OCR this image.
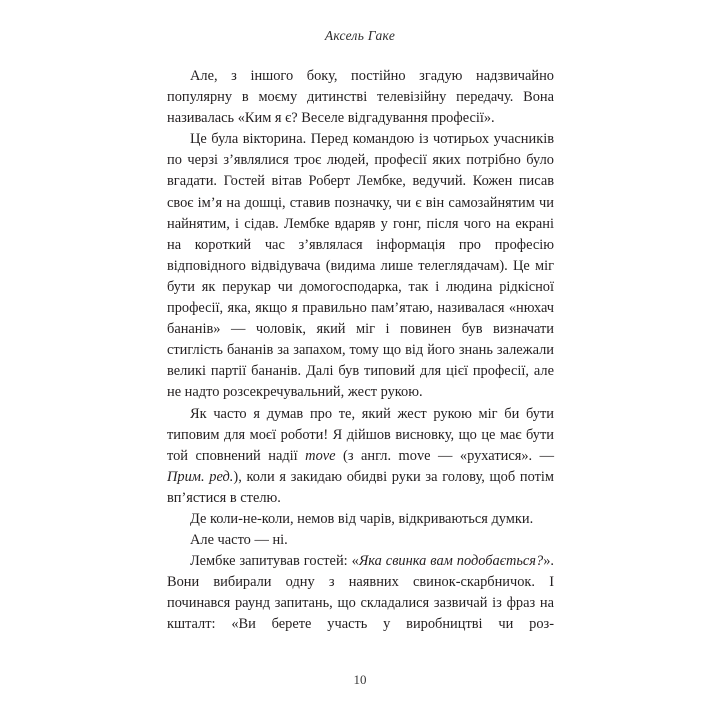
Аксель Гаке

Але, з іншого боку, постійно згадую надзвичайно популярну в моєму дитинстві телевізійну передачу. Вона називалась «Ким я є? Веселе відгадування професії».

Це була вікторина. Перед командою із чотирьох учасників по черзі з’являлися троє людей, професії яких потрібно було вгадати. Гостей вітав Роберт Лембке, ведучий. Кожен писав своє ім’я на дошці, ставив позначку, чи є він самозайнятим чи найнятим, і сідав. Лембке вдаряв у гонг, після чого на екрані на короткий час з’являлася інформація про професію відповідного відвідувача (видима лише телеглядачам). Це міг бути як перукар чи домогосподарка, так і людина рідкісної професії, яка, якщо я правильно пам’ятаю, називалася «нюхач бананів» — чоловік, який міг і повинен був визначати стиглість бананів за запахом, тому що від його знань залежали великі партії бананів. Далі був типовий для цієї професії, але не надто розсекречувальний, жест рукою.

Як часто я думав про те, який жест рукою міг би бути типовим для моєї роботи! Я дійшов висновку, що це має бути той сповнений надії move (з англ. move — «рухатися». — Прим. ред.), коли я закидаю обидві руки за голову, щоб потім вп’ястися в стелю.

Де коли-не-коли, немов від чарів, відкриваються думки.

Але часто — ні.

Лембке запитував гостей: «Яка свинка вам подобається?». Вони вибирали одну з наявних свинок-скарбничок. І починався раунд запитань, що складалися зазвичай із фраз на кшталт: «Ви берете участь у виробництві чи роз-

10
